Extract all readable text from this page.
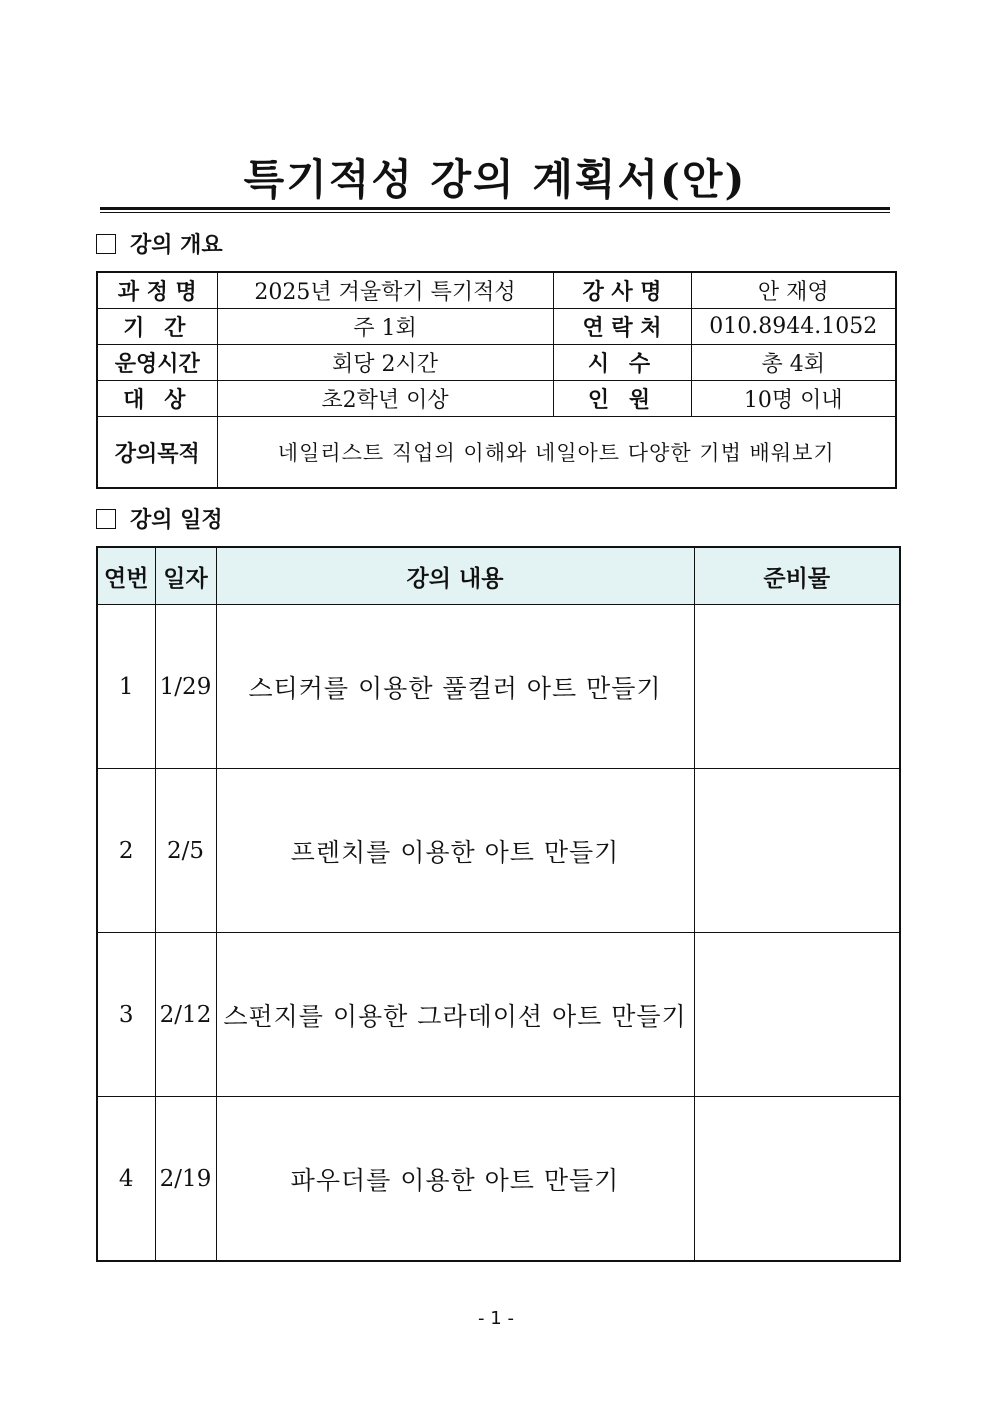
특기적성 강의 계획서(안)
강의 개요
과 정 명	2025년 겨울학기 특기적성	강 사 명	안 재영
기 간	주 1회	연 락 처	010.8944.1052
운영시간	회당 2시간	시 수	총 4회
대 상	초2학년 이상	인 원	10명 이내
강의목적	네일리스트 직업의 이해와 네일아트 다양한 기법 배워보기		
강의 일정
연번	일자	강의 내용	준비물
1	1/29	스티커를 이용한 풀컬러 아트 만들기	
2	2/5	프렌치를 이용한 아트 만들기	
3	2/12	스펀지를 이용한 그라데이션 아트 만들기	
4	2/19	파우더를 이용한 아트 만들기	
- 1 -
